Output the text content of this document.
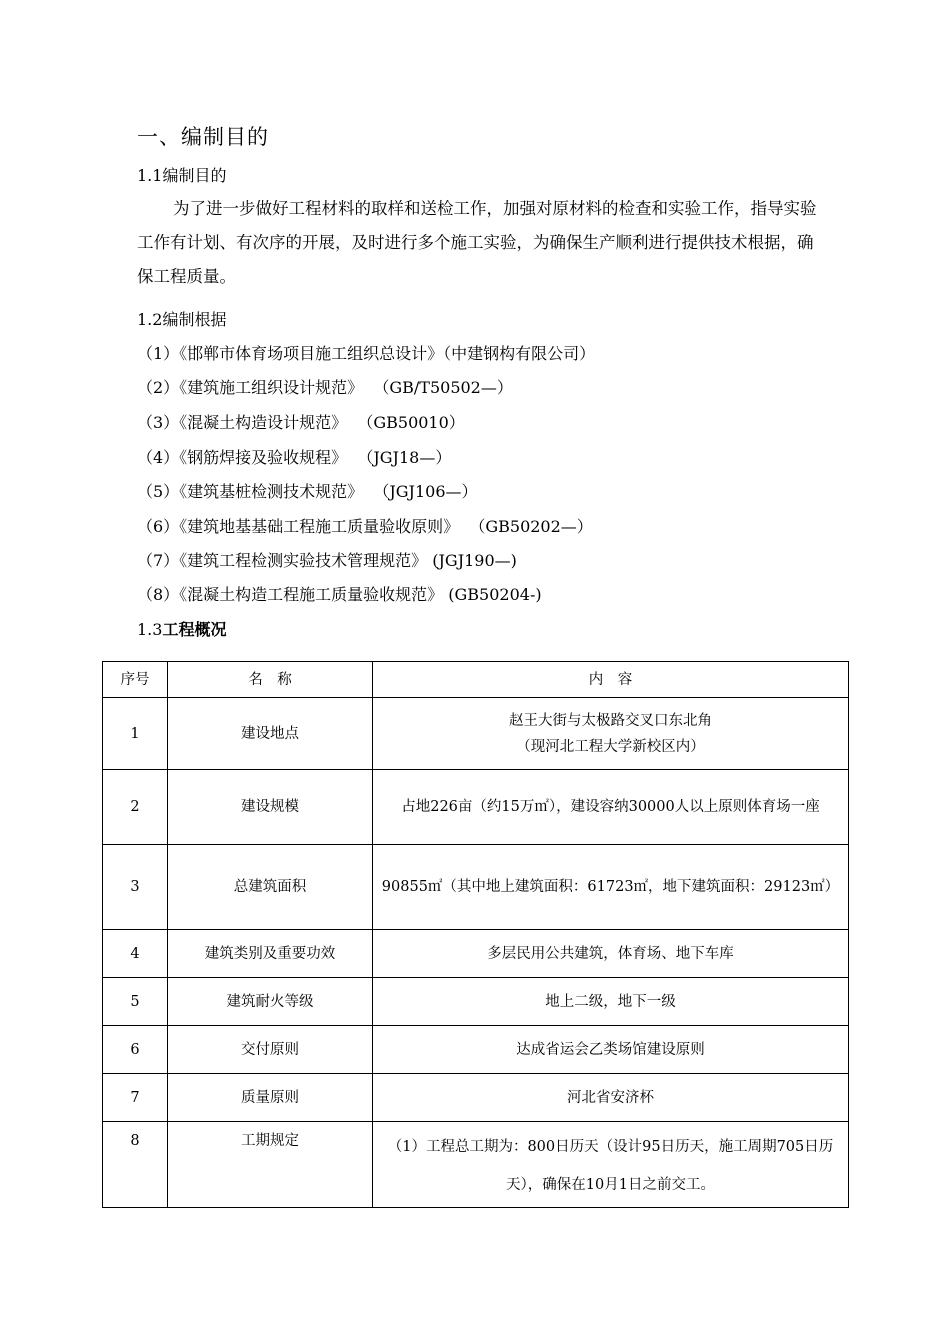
一、编制目的
1.1编制目的
为了进一步做好工程材料的取样和送检工作，加强对原材料的检查和实验工作，指导实验工作有计划、有次序的开展，及时进行多个施工实验，为确保生产顺利进行提供技术根据，确保工程质量。
1.2编制根据
（1）《邯郸市体育场项目施工组织总设计》（中建钢构有限公司）
（2）《建筑施工组织设计规范》  （GB/T50502—）
（3）《混凝土构造设计规范》  （GB50010）
（4）《钢筋焊接及验收规程》  （JGJ18—）
（5）《建筑基桩检测技术规范》  （JGJ106—）
（6）《建筑地基基础工程施工质量验收原则》  （GB50202—）
（7）《建筑工程检测实验技术管理规范》 (JGJ190—)
（8）《混凝土构造工程施工质量验收规范》 (GB50204-)
1.3工程概况
序号	名　称	内　容
1	建设地点	赵王大街与太极路交叉口东北角
（现河北工程大学新校区内）

2	建设规模	占地226亩（约15万㎡），建设容纳30000人以上原则体育场一座
3	总建筑面积	90855㎡（其中地上建筑面积：61723㎡，地下建筑面积：29123㎡）
4	建筑类别及重要功效	多层民用公共建筑，体育场、地下车库
5	建筑耐火等级	地上二级，地下一级
6	交付原则	达成省运会乙类场馆建设原则
7	质量原则	河北省安济杯
8	工期规定	（1）工程总工期为：800日历天（设计95日历天，施工周期705日历天），确保在10月1日之前交工。
